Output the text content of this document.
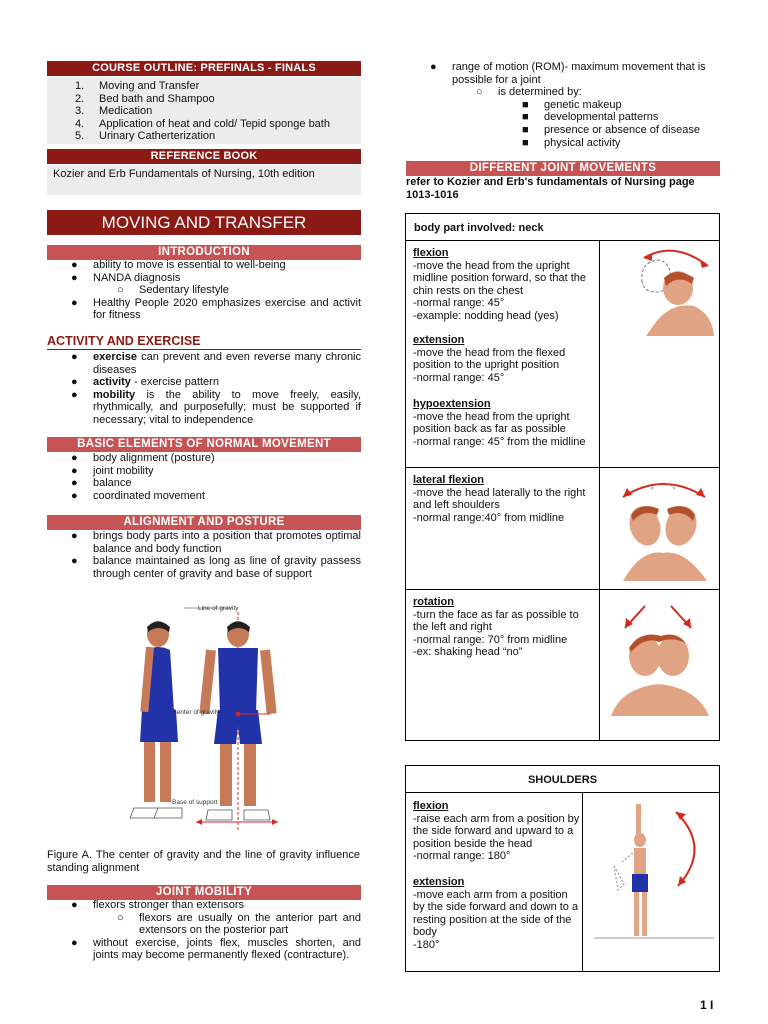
COURSE OUTLINE: PREFINALS - FINALS
1. Moving and Transfer
2. Bed bath and Shampoo
3. Medication
4. Application of heat and cold/ Tepid sponge bath
5. Urinary Catherterization
REFERENCE BOOK
Kozier and Erb Fundamentals of Nursing, 10th edition
MOVING AND TRANSFER
INTRODUCTION
● ability to move is essential to well-being
● NANDA diagnosis
○ Sedentary lifestyle
● Healthy People 2020 emphasizes exercise and activit for fitness
ACTIVITY AND EXERCISE
● exercise can prevent and even reverse many chronic diseases
● activity - exercise pattern
● mobility is the ability to move freely, easily, rhythmically, and purposefully; must be supported if necessary; vital to independence
BASIC ELEMENTS OF NORMAL MOVEMENT
● body alignment (posture)
● joint mobility
● balance
● coordinated movement
ALIGNMENT AND POSTURE
● brings body parts into a position that promotes optimal balance and body function
● balance maintained as long as line of gravity passess through center of gravity and base of support
Line of gravity
Center of gravity
Base of support
Figure A. The center of gravity and the line of gravity influence standing alignment
JOINT MOBILITY
● flexors stronger than extensors
○ flexors are usually on the anterior part and extensors on the posterior part
● without exercise, joints flex, muscles shorten, and joints may become permanently flexed (contracture).
● range of motion (ROM)- maximum movement that is possible for a joint
○ is determined by:
■ genetic makeup
■ developmental patterns
■ presence or absence of disease
■ physical activity
DIFFERENT JOINT MOVEMENTS
refer to Kozier and Erb's fundamentals of Nursing page 1013-1016
body part involved: neck
flexion
-move the head from the upright midline position forward, so that the chin rests on the chest
-normal range: 45°
-example: nodding head (yes)
extension
-move the head from the flexed position to the upright position
-normal range: 45°
hypoextension
-move the head from the upright position back as far as possible
-normal range: 45° from the midline
lateral flexion
-move the head laterally to the right and left shoulders
-normal range:40° from midline
rotation
-turn the face as far as possible to the left and right
-normal range: 70° from midline
-ex: shaking head “no”
SHOULDERS
flexion
-raise each arm from a position by the side forward and upward to a position beside the head
-normal range: 180°
extension
-move each arm from a position by the side forward and down to a resting position at the side of the body
-180°
1 I
